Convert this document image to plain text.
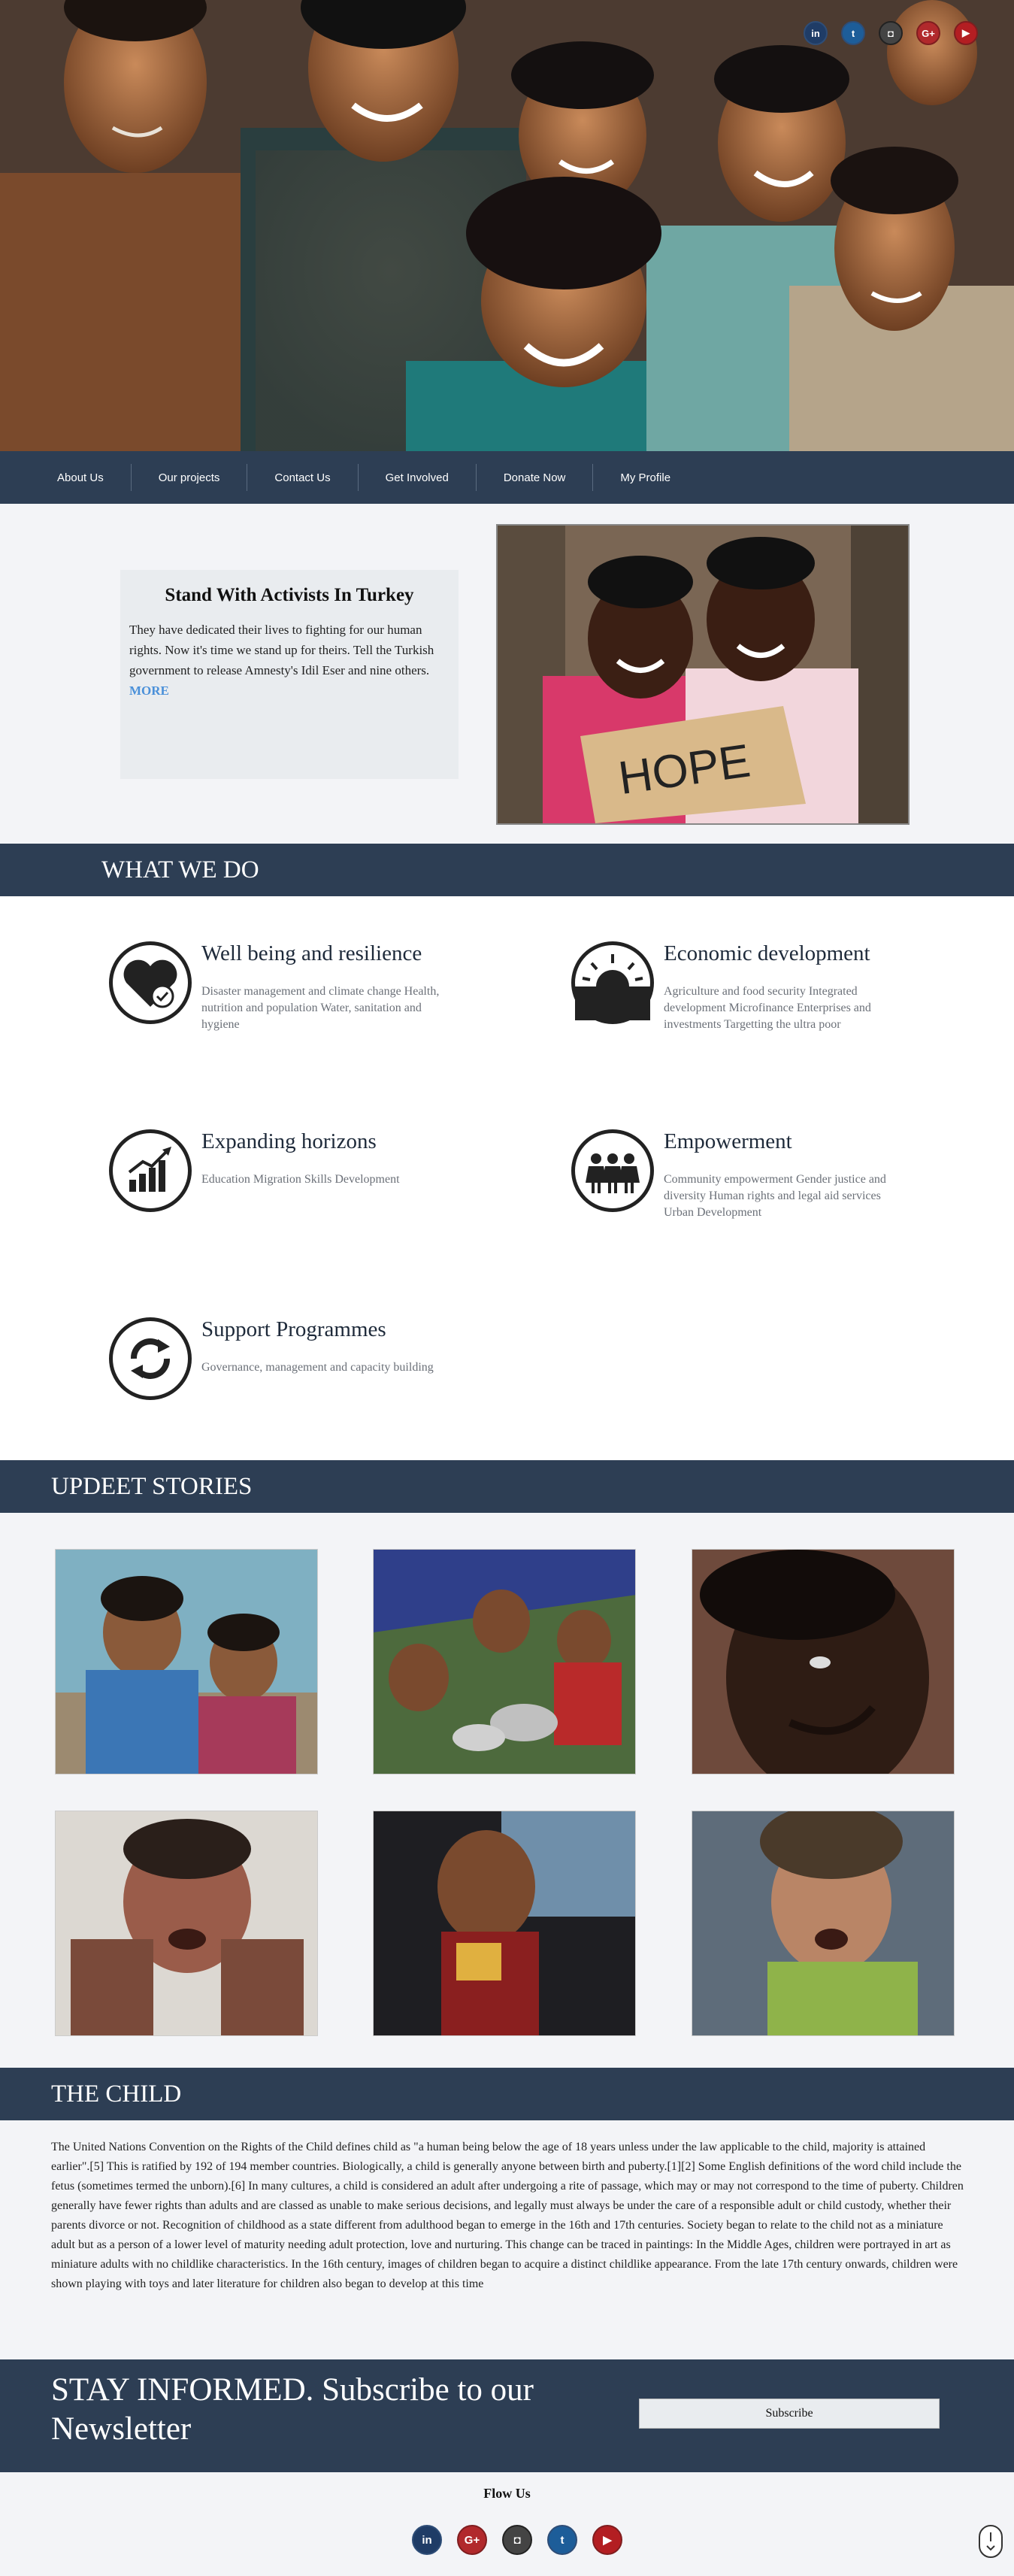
in	t	◘	G+	▶
About Us	Our projects	Contact Us	Get Involved	Donate Now	My Profile
Stand With Activists In Turkey

They have dedicated their lives to fighting for our human rights. Now it's time we stand up for theirs. Tell the Turkish government to release Amnesty's Idil Eser and nine others. MORE

HOPE
WHAT WE DO
Well being and resilience

Disaster management and climate change Health, nutrition and population Water, sanitation and hygiene

Economic development

Agriculture and food security Integrated development Microfinance Enterprises and investments Targetting the ultra poor

Expanding horizons

Education Migration Skills Development

Empowerment

Community empowerment Gender justice and diversity Human rights and legal aid services Urban Development

Support Programmes

Governance, management and capacity building

UPDEET STORIES
THE CHILD

The United Nations Convention on the Rights of the Child defines child as "a human being below the age of 18 years unless under the law applicable to the child, majority is attained earlier".[5] This is ratified by 192 of 194 member countries. Biologically, a child is generally anyone between birth and puberty.[1][2] Some English definitions of the word child include the fetus (sometimes termed the unborn).[6] In many cultures, a child is considered an adult after undergoing a rite of passage, which may or may not correspond to the time of puberty. Children generally have fewer rights than adults and are classed as unable to make serious decisions, and legally must always be under the care of a responsible adult or child custody, whether their parents divorce or not. Recognition of childhood as a state different from adulthood began to emerge in the 16th and 17th centuries. Society began to relate to the child not as a miniature adult but as a person of a lower level of maturity needing adult protection, love and nurturing. This change can be traced in paintings: In the Middle Ages, children were portrayed in art as miniature adults with no childlike characteristics. In the 16th century, images of children began to acquire a distinct childlike appearance. From the late 17th century onwards, children were shown playing with toys and later literature for children also began to develop at this time

STAY INFORMED. Subscribe to our Newsletter	Subscribe
Flow Us
in	G+	◘	t	▶
